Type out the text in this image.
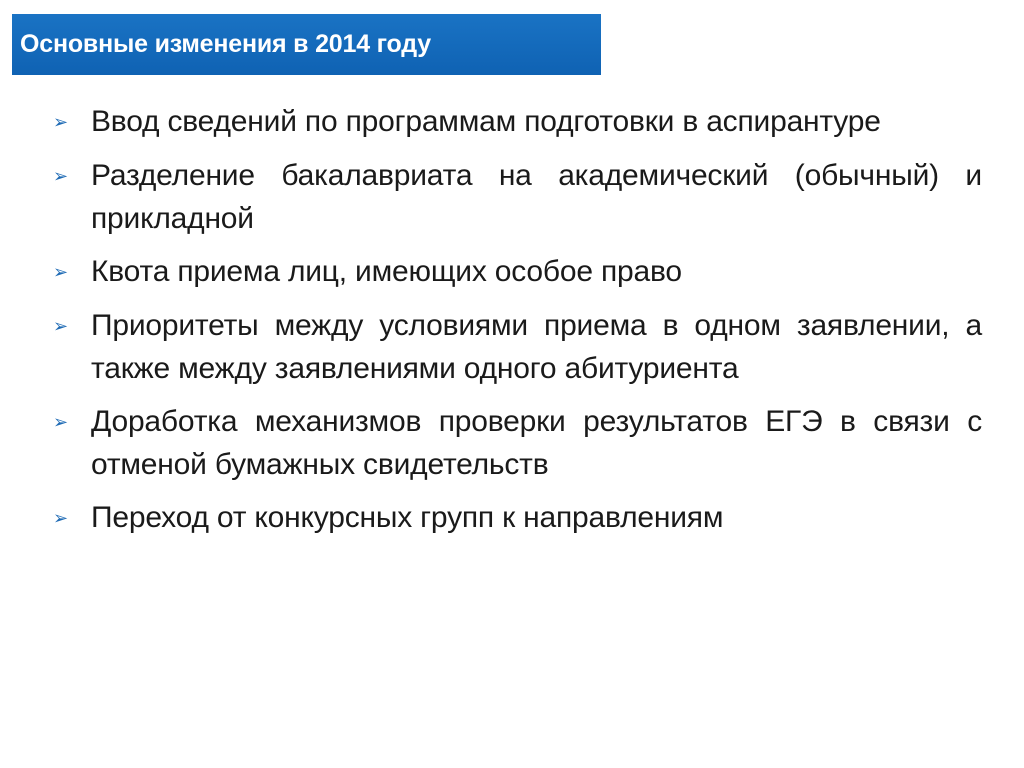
Основные изменения в 2014 году
➢ Ввод сведений по программам подготовки в аспирантуре
➢ Разделение бакалавриата на академический (обычный) и прикладной
➢ Квота приема лиц, имеющих особое право
➢ Приоритеты между условиями приема в одном заявлении, а также между заявлениями одного абитуриента
➢ Доработка механизмов проверки результатов ЕГЭ в связи с отменой бумажных свидетельств
➢ Переход от конкурсных групп к направлениям
